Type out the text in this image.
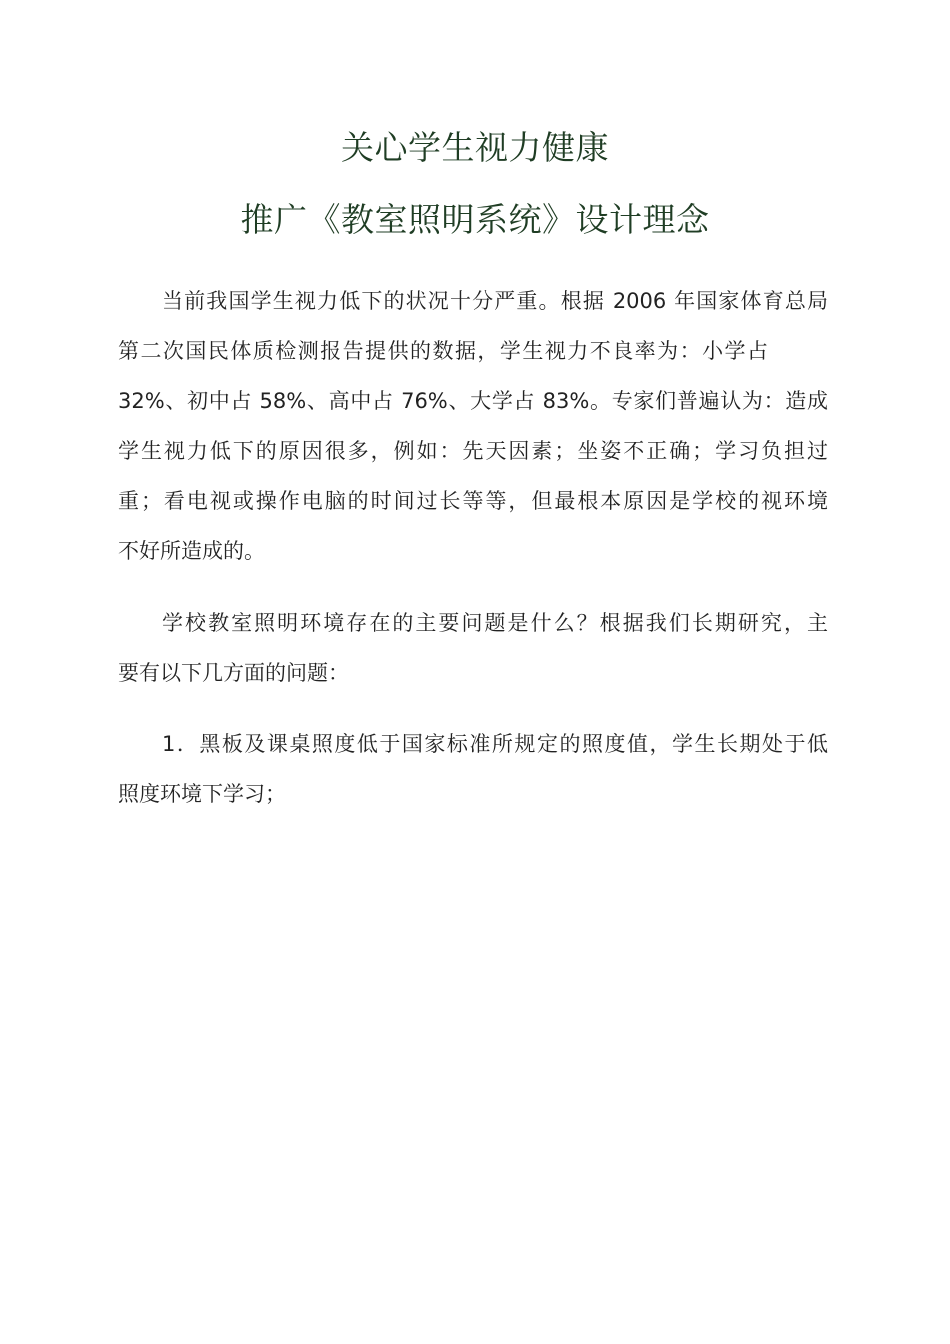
关心学生视力健康
推广《教室照明系统》设计理念
当前我国学生视力低下的状况十分严重。根据 2006 年国家体育总局
第二次国民体质检测报告提供的数据，学生视力不良率为：小学占
32%、初中占 58%、高中占 76%、大学占 83%。专家们普遍认为：造成
学生视力低下的原因很多，例如：先天因素；坐姿不正确；学习负担过
重；看电视或操作电脑的时间过长等等，但最根本原因是学校的视环境
不好所造成的。
学校教室照明环境存在的主要问题是什么？根据我们长期研究，主
要有以下几方面的问题：
1．黑板及课桌照度低于国家标准所规定的照度值，学生长期处于低
照度环境下学习；
